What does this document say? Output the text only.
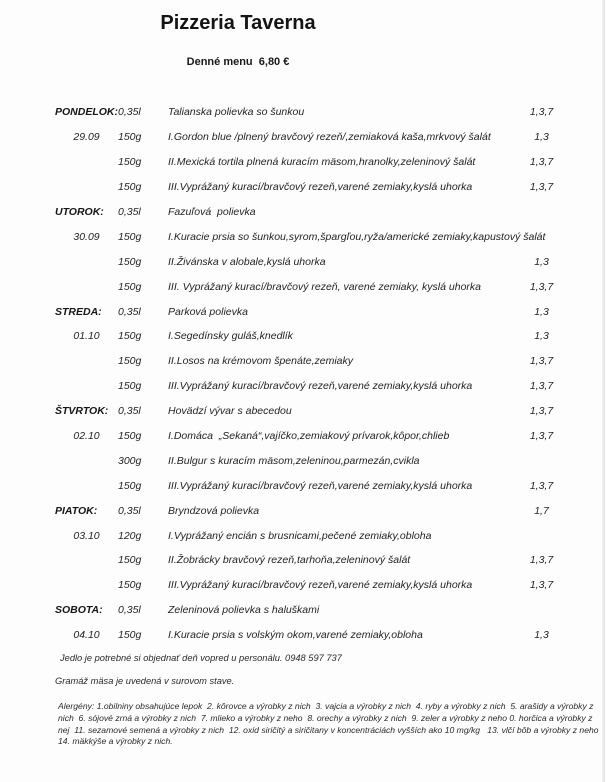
Pizzeria Taverna
Denné menu  6,80 €
PONDELOK:	0,35l	Talianska polievka so šunkou	1,3,7
29.09	150g	I.Gordon blue /plnený bravčový rezeň/,zemiaková kaša,mrkvový šalát	1,3
	150g	II.Mexická tortila plnená kuracím mäsom,hranolky,zeleninový šalát	1,3,7
	150g	III.Vyprážaný kurací/bravčový rezeň,varené zemiaky,kyslá uhorka	1,3,7
UTOROK:	0,35l	Fazuľová  polievka	
30.09	150g	I.Kuracie prsia so šunkou,syrom,špargľou,ryža/americké zemiaky,kapustový šalát	
	150g	II.Živánska v alobale,kyslá uhorka	1,3
	150g	III. Vyprážaný kurací/bravčový rezeň, varené zemiaky, kyslá uhorka	1,3,7
STREDA:	0,35l	Parková polievka	1,3
01.10	150g	I.Segedínsky guláš,knedlík	1,3
	150g	II.Losos na krémovom špenáte,zemiaky	1,3,7
	150g	III.Vyprážaný kurací/bravčový rezeň,varené zemiaky,kyslá uhorka	1,3,7
ŠTVRTOK:	0,35l	Hovädzí vývar s abecedou	1,3,7
02.10	150g	I.Domáca  „Sekaná“,vajíčko,zemiakový prívarok,kôpor,chlieb	1,3,7
	300g	II.Bulgur s kuracím mäsom,zeleninou,parmezán,cvikla	
	150g	III.Vyprážaný kurací/bravčový rezeň,varené zemiaky,kyslá uhorka	1,3,7
PIATOK:	0,35l	Bryndzová polievka	1,7
03.10	120g	I.Vyprážaný encián s brusnicami,pečené zemiaky,obloha	
	150g	II.Žobrácky bravčový rezeň,tarhoňa,zeleninový šalát	1,3,7
	150g	III.Vyprážaný kurací/bravčový rezeň,varené zemiaky,kyslá uhorka	1,3,7
SOBOTA:	0,35l	Zeleninová polievka s haluškami	
04.10	150g	I.Kuracie prsia s volským okom,varené zemiaky,obloha	1,3
Jedlo je potrebné si objednať deň vopred u personálu. 0948 597 737
Gramáž mäsa je uvedená v surovom stave.
Alergény: 1.obilniny obsahujúce lepok  2. kôrovce a výrobky z nich  3. vajcia a výrobky z nich  4. ryby a výrobky z nich  5. arašidy a výrobky z
nich  6. sójové zrná a výrobky z nich  7. mlieko a výrobky z neho  8. orechy a výrobky z nich  9. zeler a výrobky z neho 0. horčica a výrobky z
nej  11. sezamové semená a výrobky z nich  12. oxid siričitý a siričitany v koncentráciách vyšších ako 10 mg/kg   13. vlčí bôb a výrobky z neho
14. mäkkýše a výrobky z nich.
